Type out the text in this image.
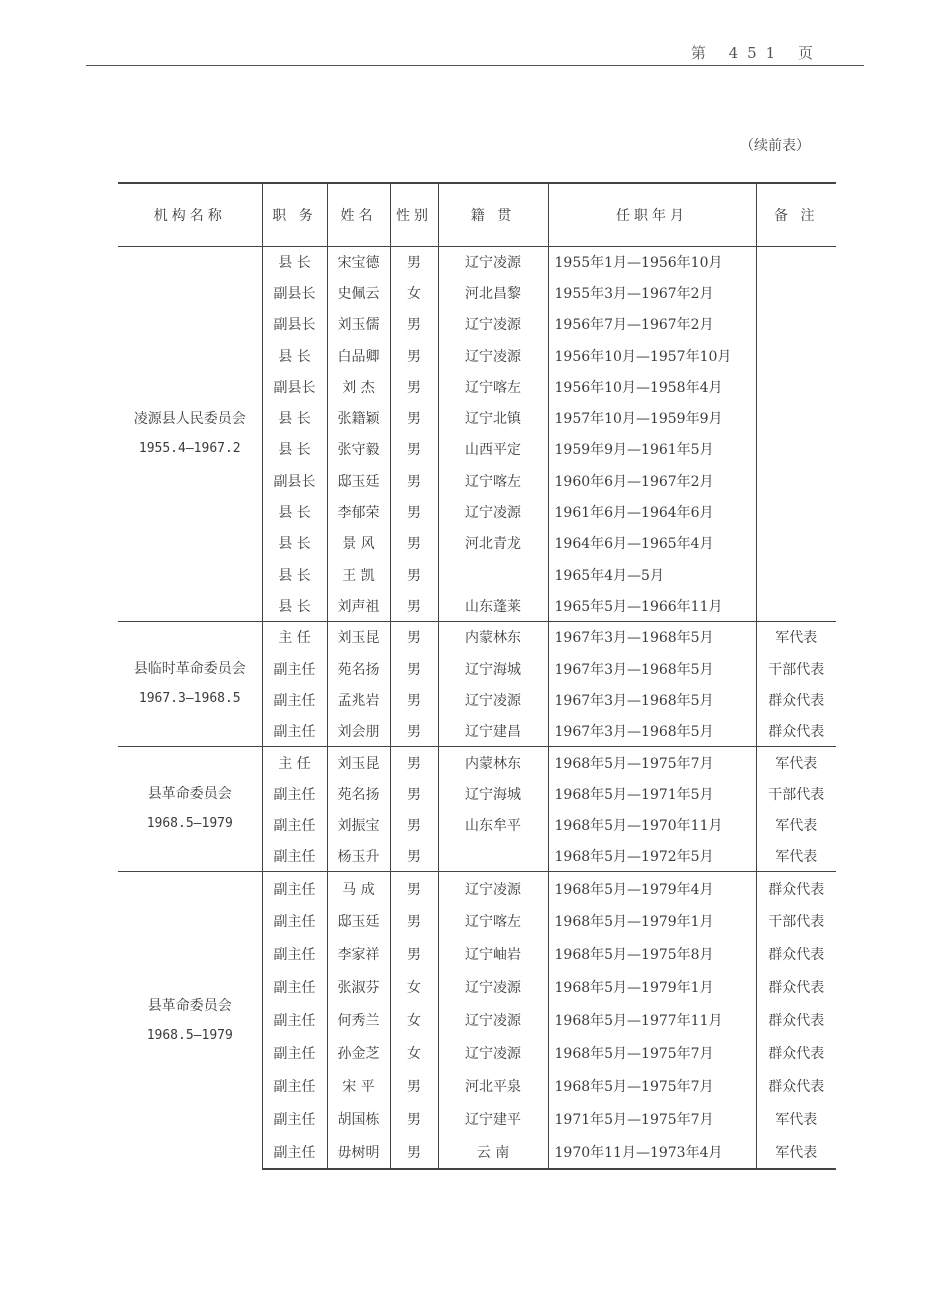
第 451 页
（续前表）
机构名称	职 务	姓名	性别	籍 贯	任职年月	备 注

凌源县人民委员会
1955.4—1967.2	县 长	宋宝德	男	辽宁凌源	1955年1月—1956年10月	
	副县长	史佩云	女	河北昌黎	1955年3月—1967年2月	
	副县长	刘玉儒	男	辽宁凌源	1956年7月—1967年2月	
	县 长	白品卿	男	辽宁凌源	1956年10月—1957年10月	
	副县长	刘 杰	男	辽宁喀左	1956年10月—1958年4月	
	县 长	张籍颖	男	辽宁北镇	1957年10月—1959年9月	
	县 长	张守毅	男	山西平定	1959年9月—1961年5月	
	副县长	邸玉廷	男	辽宁喀左	1960年6月—1967年2月	
	县 长	李郁荣	男	辽宁凌源	1961年6月—1964年6月	
	县 长	景 风	男	河北青龙	1964年6月—1965年4月	
	县 长	王 凯	男		1965年4月—5月	
	县 长	刘声祖	男	山东蓬莱	1965年5月—1966年11月	

县临时革命委员会
1967.3—1968.5	主 任	刘玉昆	男	内蒙林东	1967年3月—1968年5月	军代表
	副主任	苑名扬	男	辽宁海城	1967年3月—1968年5月	干部代表
	副主任	孟兆岩	男	辽宁凌源	1967年3月—1968年5月	群众代表
	副主任	刘会朋	男	辽宁建昌	1967年3月—1968年5月	群众代表

县革命委员会
1968.5—1979	主 任	刘玉昆	男	内蒙林东	1968年5月—1975年7月	军代表
	副主任	苑名扬	男	辽宁海城	1968年5月—1971年5月	干部代表
	副主任	刘振宝	男	山东牟平	1968年5月—1970年11月	军代表
	副主任	杨玉升	男		1968年5月—1972年5月	军代表

县革命委员会
1968.5—1979	副主任	马 成	男	辽宁凌源	1968年5月—1979年4月	群众代表
	副主任	邸玉廷	男	辽宁喀左	1968年5月—1979年1月	干部代表
	副主任	李家祥	男	辽宁岫岩	1968年5月—1975年8月	群众代表
	副主任	张淑芬	女	辽宁凌源	1968年5月—1979年1月	群众代表
	副主任	何秀兰	女	辽宁凌源	1968年5月—1977年11月	群众代表
	副主任	孙金芝	女	辽宁凌源	1968年5月—1975年7月	群众代表
	副主任	宋 平	男	河北平泉	1968年5月—1975年7月	群众代表
	副主任	胡国栋	男	辽宁建平	1971年5月—1975年7月	军代表
	副主任	毋树明	男	云 南	1970年11月—1973年4月	军代表
